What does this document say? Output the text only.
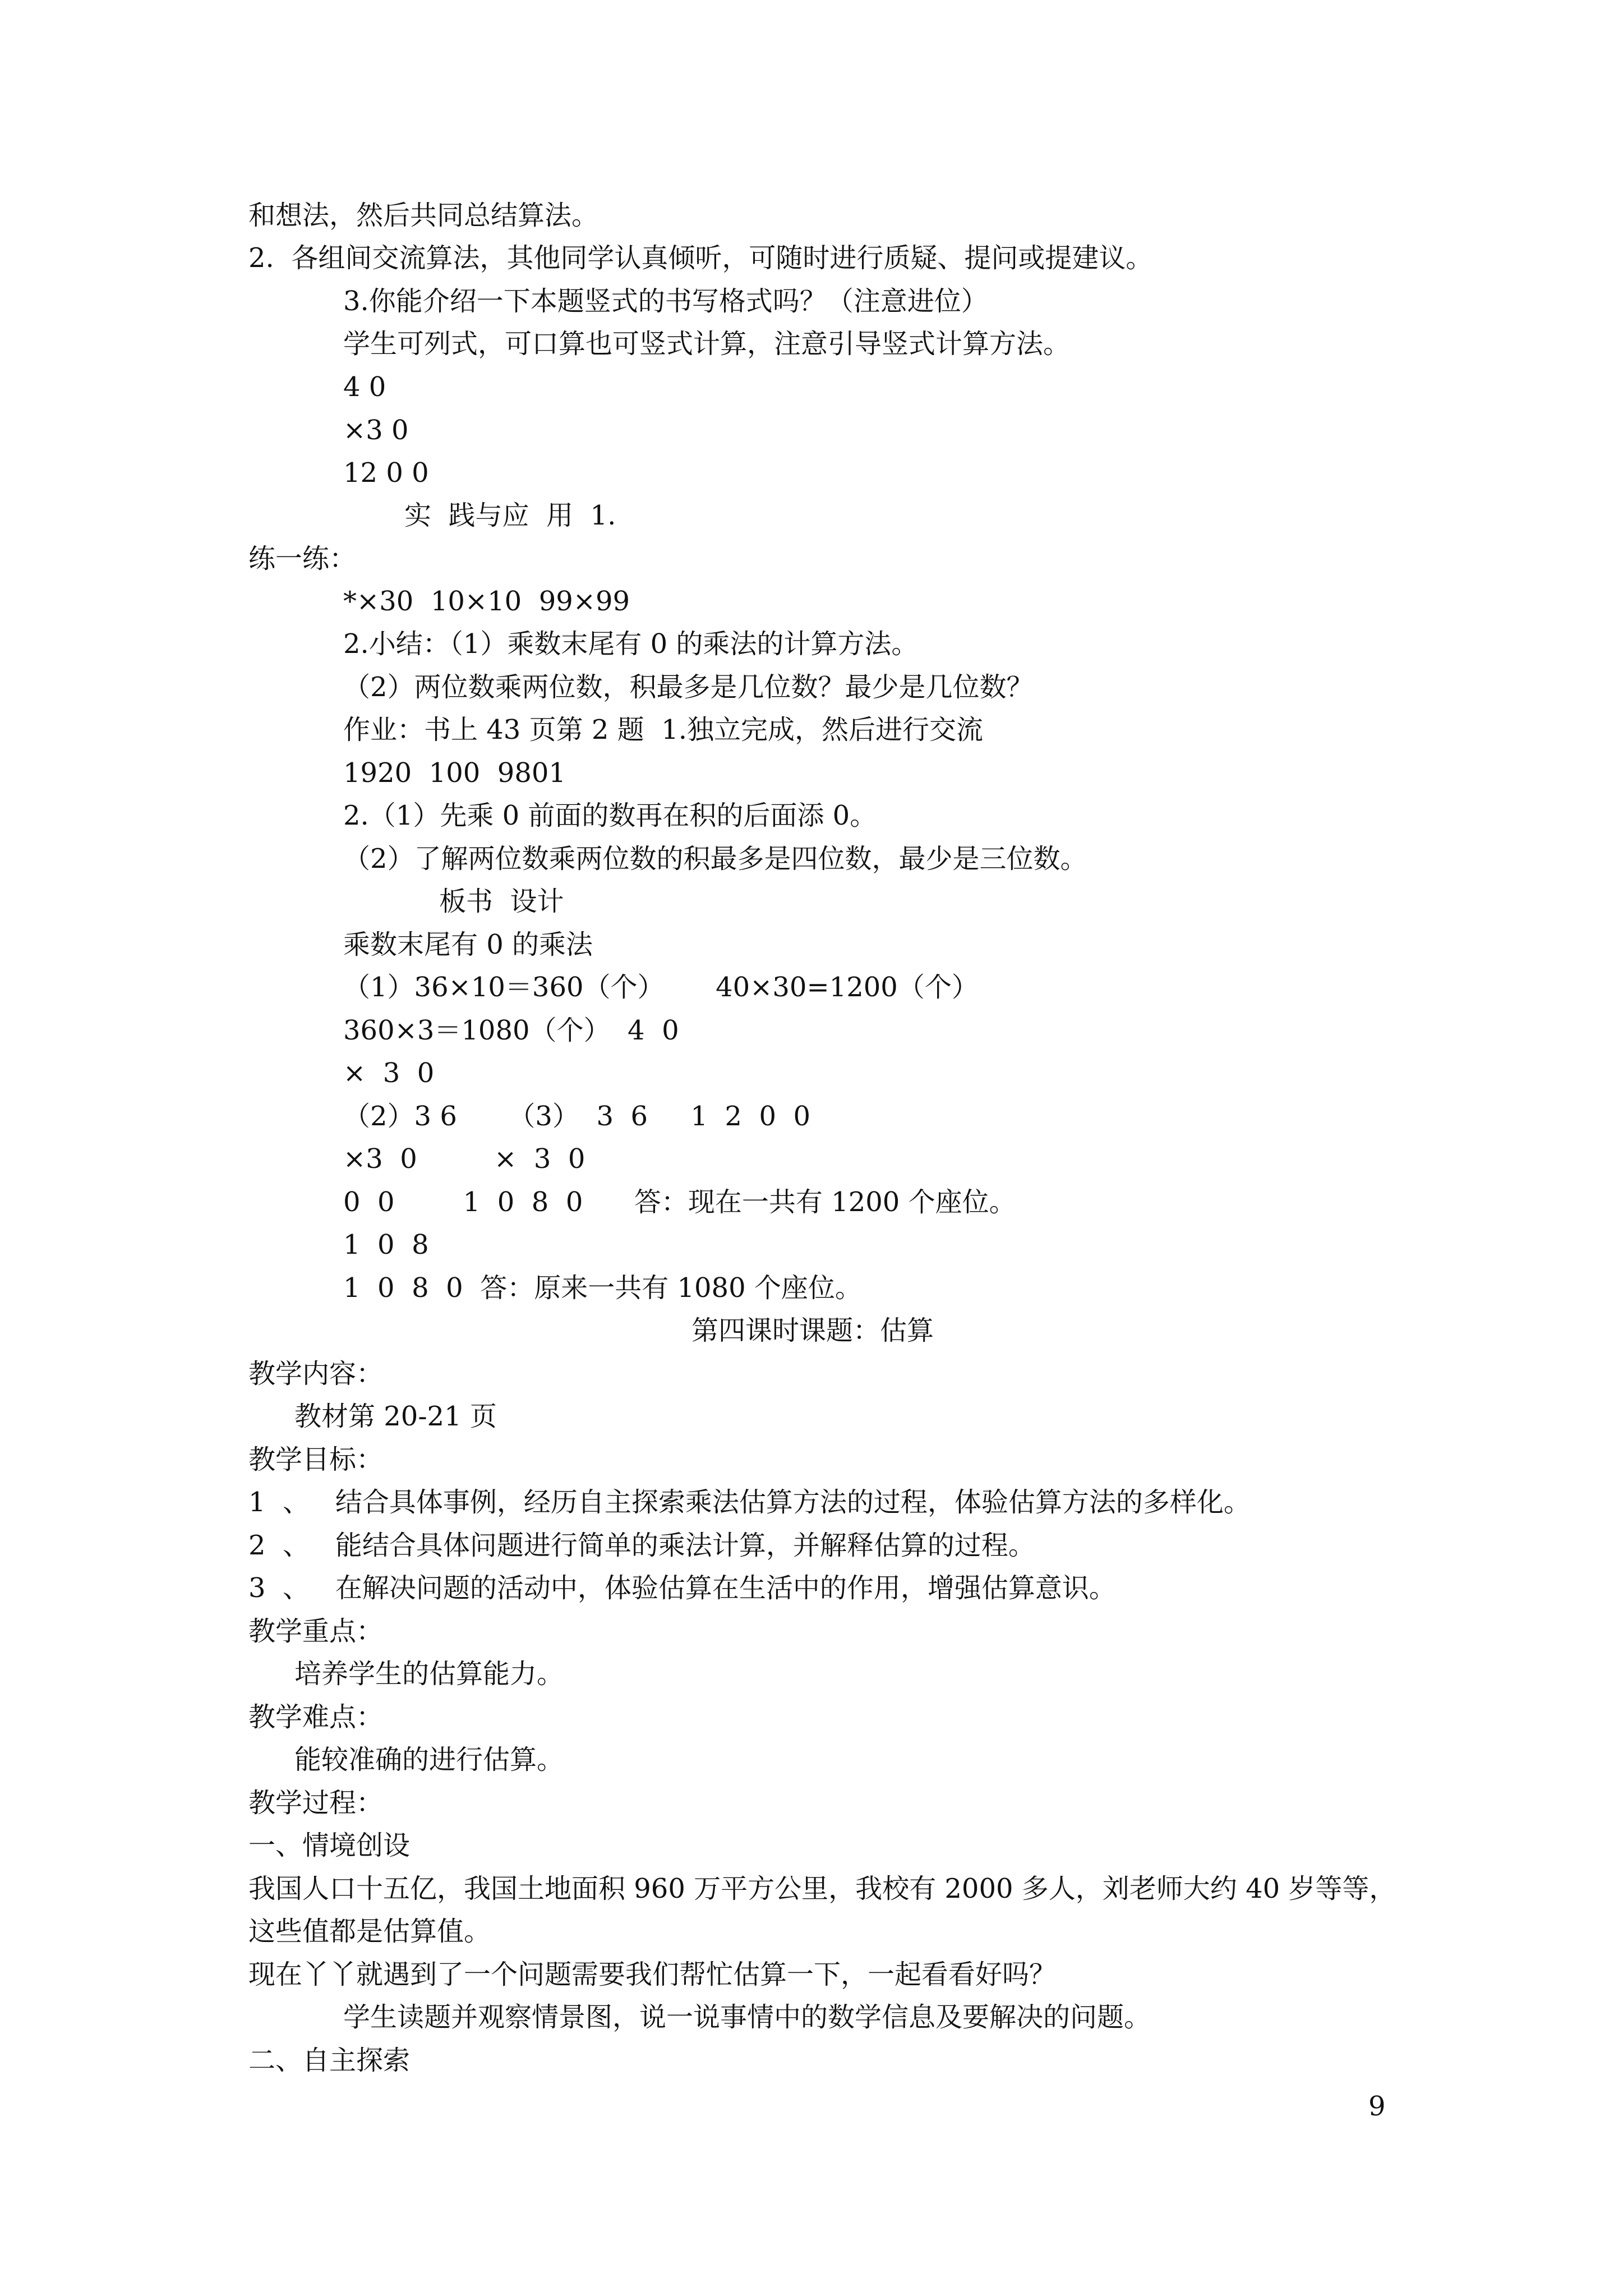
和想法，然后共同总结算法。
2.  各组间交流算法，其他同学认真倾听，可随时进行质疑、提问或提建议。
3.你能介绍一下本题竖式的书写格式吗？（注意进位）
学生可列式，可口算也可竖式计算，注意引导竖式计算方法。
4 0
×3 0
12 0 0
实  践与应  用  1.
练一练：
*×30  10×10  99×99
2.小结：（1）乘数末尾有 0 的乘法的计算方法。
（2）两位数乘两位数，积最多是几位数？最少是几位数？
作业：书上 43 页第 2 题  1.独立完成，然后进行交流
1920  100  9801
2.（1）先乘 0 前面的数再在积的后面添 0。
（2）了解两位数乘两位数的积最多是四位数，最少是三位数。
板书  设计
乘数末尾有 0 的乘法
（1）36×10＝360（个）      40×30=1200（个）
360×3＝1080（个）  4  0
×  3  0
（2）3 6      （3）  3  6     1  2  0  0
×3  0         ×  3  0
0  0        1  0  8  0      答：现在一共有 1200 个座位。
1  0  8
1  0  8  0  答：原来一共有 1080 个座位。
第四课时课题：估算
教学内容：
教材第 20-21 页
教学目标：
1  、   结合具体事例，经历自主探索乘法估算方法的过程，体验估算方法的多样化。
2  、   能结合具体问题进行简单的乘法计算，并解释估算的过程。
3  、   在解决问题的活动中，体验估算在生活中的作用，增强估算意识。
教学重点：
培养学生的估算能力。
教学难点：
能较准确的进行估算。
教学过程：
一、情境创设
我国人口十五亿，我国土地面积 960 万平方公里，我校有 2000 多人，刘老师大约 40 岁等等，
这些值都是估算值。
现在丫丫就遇到了一个问题需要我们帮忙估算一下，一起看看好吗？
学生读题并观察情景图，说一说事情中的数学信息及要解决的问题。
二、自主探索
9
